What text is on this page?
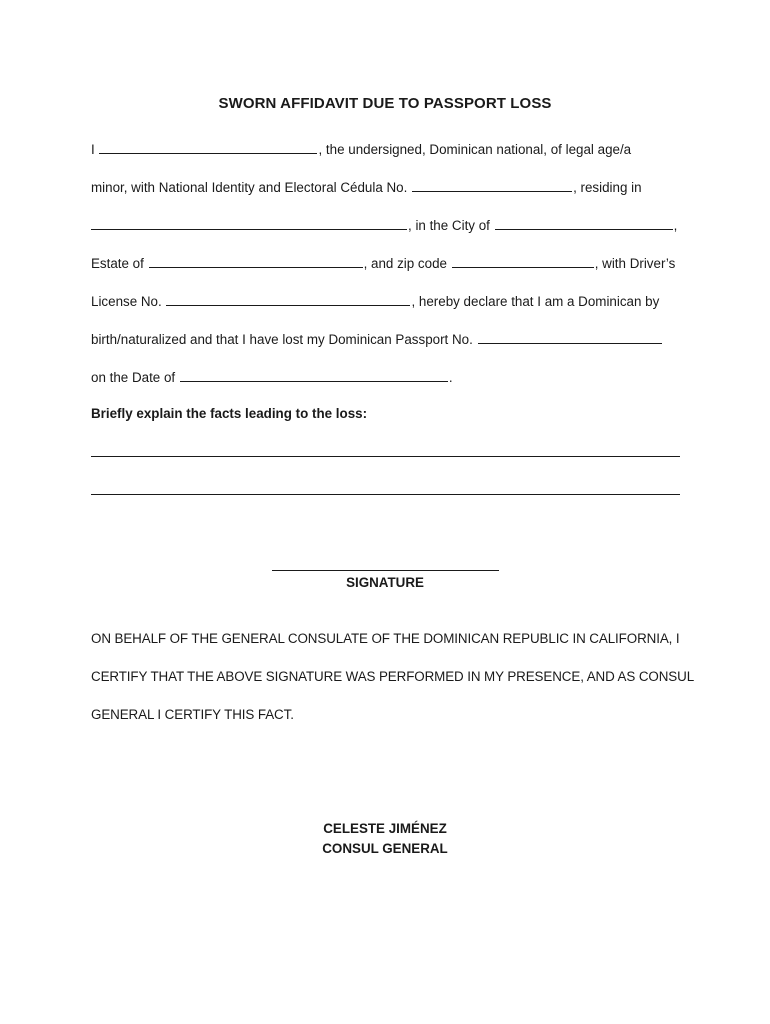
SWORN AFFIDAVIT DUE TO PASSPORT LOSS
I	, the undersigned, Dominican national, of legal age/a
minor, with National Identity and Electoral Cédula No.	, residing in
, in the City of	,
Estate of	, and zip code	, with Driver’s
License No.	, hereby declare that I am a Dominican by
birth/naturalized and that I have lost my Dominican Passport No.
on the Date of	.
Briefly explain the facts leading to the loss:
SIGNATURE
ON BEHALF OF THE GENERAL CONSULATE OF THE DOMINICAN REPUBLIC IN CALIFORNIA, I
CERTIFY THAT THE ABOVE SIGNATURE WAS PERFORMED IN MY PRESENCE, AND AS CONSUL
GENERAL I CERTIFY THIS FACT.
CELESTE JIMÉNEZ
CONSUL GENERAL
